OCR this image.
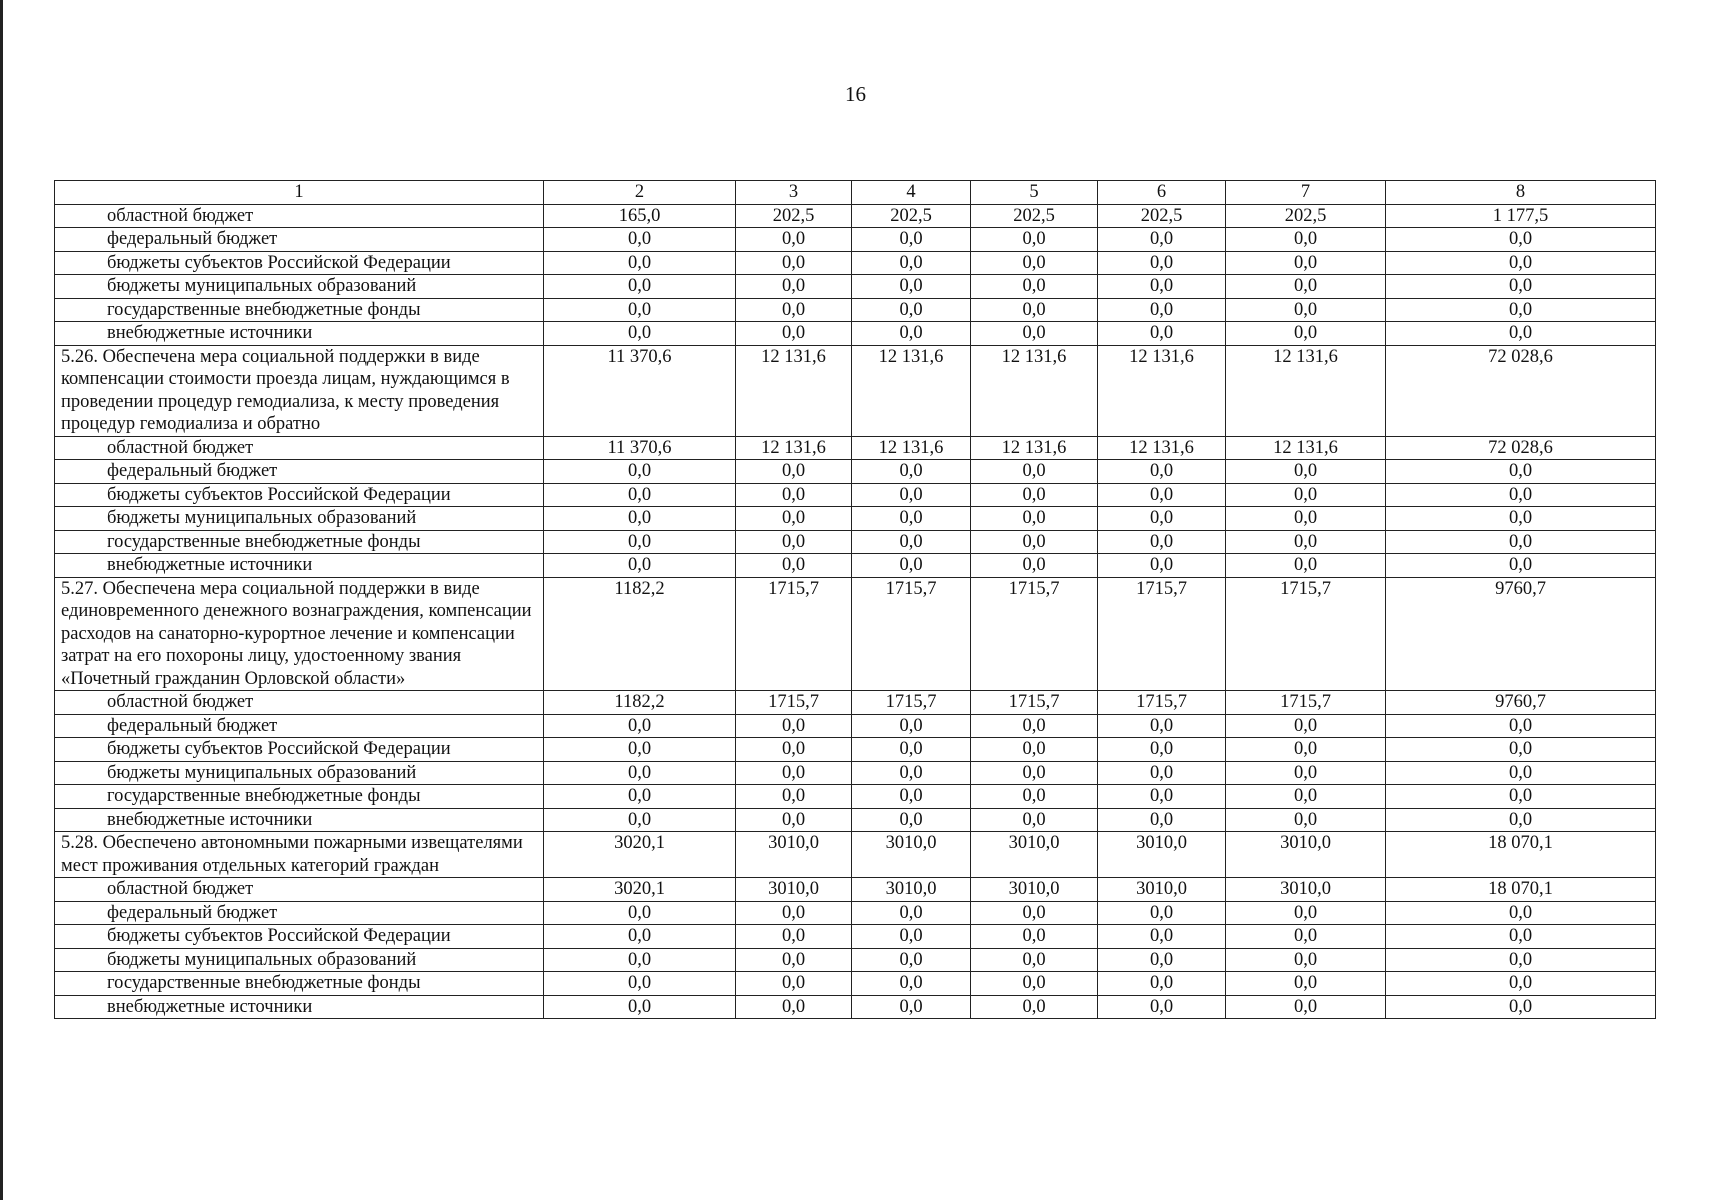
16
1	2	3	4	5	6	7	8
областной бюджет	165,0	202,5	202,5	202,5	202,5	202,5	1 177,5
федеральный бюджет	0,0	0,0	0,0	0,0	0,0	0,0	0,0
бюджеты субъектов Российской Федерации	0,0	0,0	0,0	0,0	0,0	0,0	0,0
бюджеты муниципальных образований	0,0	0,0	0,0	0,0	0,0	0,0	0,0
государственные внебюджетные фонды	0,0	0,0	0,0	0,0	0,0	0,0	0,0
внебюджетные источники	0,0	0,0	0,0	0,0	0,0	0,0	0,0
5.26. Обеспечена мера социальной поддержки в виде компенсации стоимости проезда лицам, нуждающимся в проведении процедур гемодиализа, к месту проведения процедур гемодиализа и обратно	11 370,6	12 131,6	12 131,6	12 131,6	12 131,6	12 131,6	72 028,6
областной бюджет	11 370,6	12 131,6	12 131,6	12 131,6	12 131,6	12 131,6	72 028,6
федеральный бюджет	0,0	0,0	0,0	0,0	0,0	0,0	0,0
бюджеты субъектов Российской Федерации	0,0	0,0	0,0	0,0	0,0	0,0	0,0
бюджеты муниципальных образований	0,0	0,0	0,0	0,0	0,0	0,0	0,0
государственные внебюджетные фонды	0,0	0,0	0,0	0,0	0,0	0,0	0,0
внебюджетные источники	0,0	0,0	0,0	0,0	0,0	0,0	0,0
5.27. Обеспечена мера социальной поддержки в виде единовременного денежного вознаграждения, компенсации расходов на санаторно-курортное лечение и компенсации затрат на его похороны лицу, удостоенному звания «Почетный гражданин Орловской области»	1182,2	1715,7	1715,7	1715,7	1715,7	1715,7	9760,7
областной бюджет	1182,2	1715,7	1715,7	1715,7	1715,7	1715,7	9760,7
федеральный бюджет	0,0	0,0	0,0	0,0	0,0	0,0	0,0
бюджеты субъектов Российской Федерации	0,0	0,0	0,0	0,0	0,0	0,0	0,0
бюджеты муниципальных образований	0,0	0,0	0,0	0,0	0,0	0,0	0,0
государственные внебюджетные фонды	0,0	0,0	0,0	0,0	0,0	0,0	0,0
внебюджетные источники	0,0	0,0	0,0	0,0	0,0	0,0	0,0
5.28. Обеспечено автономными пожарными извещателями мест проживания отдельных категорий граждан	3020,1	3010,0	3010,0	3010,0	3010,0	3010,0	18 070,1
областной бюджет	3020,1	3010,0	3010,0	3010,0	3010,0	3010,0	18 070,1
федеральный бюджет	0,0	0,0	0,0	0,0	0,0	0,0	0,0
бюджеты субъектов Российской Федерации	0,0	0,0	0,0	0,0	0,0	0,0	0,0
бюджеты муниципальных образований	0,0	0,0	0,0	0,0	0,0	0,0	0,0
государственные внебюджетные фонды	0,0	0,0	0,0	0,0	0,0	0,0	0,0
внебюджетные источники	0,0	0,0	0,0	0,0	0,0	0,0	0,0
